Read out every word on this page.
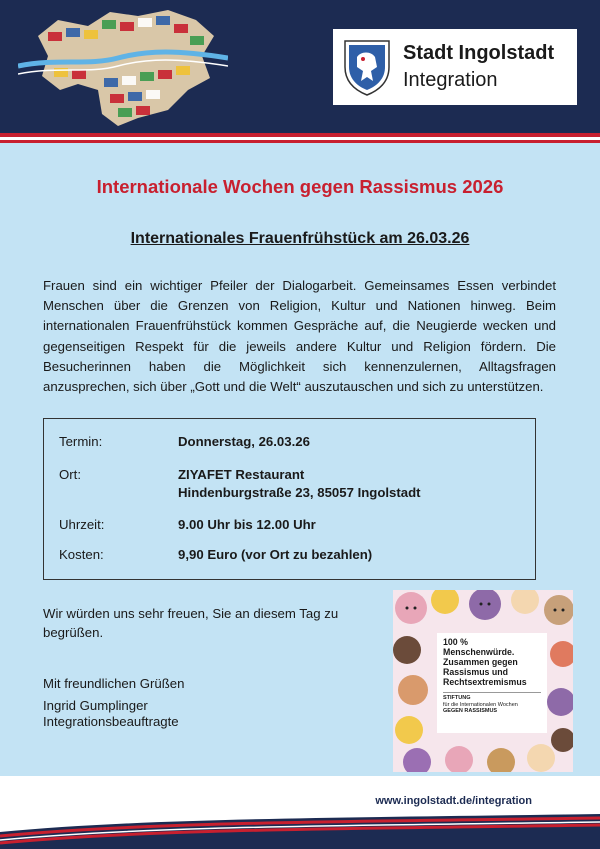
Stadt Ingolstadt
Integration
Internationale Wochen gegen Rassismus 2026
Internationales Frauenfrühstück am 26.03.26
Frauen sind ein wichtiger Pfeiler der Dialogarbeit. Gemeinsames Essen verbindet Menschen über die Grenzen von Religion, Kultur und Nationen hinweg. Beim internationalen Frauenfrühstück kommen Gespräche auf, die Neugierde wecken und gegenseitigen Respekt für die jeweils andere Kultur und Religion fördern. Die Besucherinnen haben die Möglichkeit sich kennenzulernen, Alltagsfragen anzusprechen, sich über „Gott und die Welt“ auszutauschen und sich zu unterstützen.
Termin:	Donnerstag, 26.03.26
Ort:	ZIYAFET Restaurant
Hindenburgstraße 23, 85057 Ingolstadt
Uhrzeit:	9.00 Uhr bis 12.00 Uhr
Kosten:	9,90 Euro (vor Ort zu bezahlen)
Wir würden uns sehr freuen, Sie an diesem Tag zu begrüßen.
Mit freundlichen Grüßen
Ingrid Gumplinger
Integrationsbeauftragte
100 % Menschenwürde. Zusammen gegen Rassismus und Rechtsextremismus
STIFTUNG
für die Internationalen Wochen
GEGEN RASSISMUS
www.ingolstadt.de/integration
